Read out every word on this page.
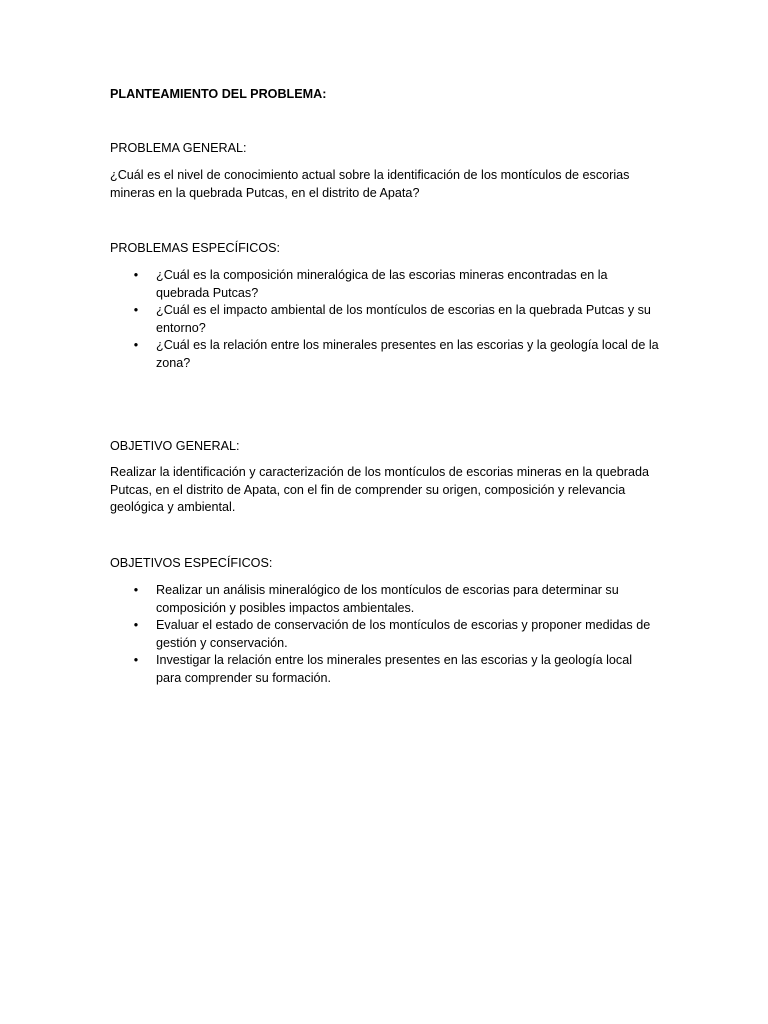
PLANTEAMIENTO DEL PROBLEMA:
PROBLEMA GENERAL:

¿Cuál es el nivel de conocimiento actual sobre la identificación de los montículos de escorias mineras en la quebrada Putcas, en el distrito de Apata?

PROBLEMAS ESPECÍFICOS:
• ¿Cuál es la composición mineralógica de las escorias mineras encontradas en la quebrada Putcas?
• ¿Cuál es el impacto ambiental de los montículos de escorias en la quebrada Putcas y su entorno?
• ¿Cuál es la relación entre los minerales presentes en las escorias y la geología local de la zona?
OBJETIVO GENERAL:

Realizar la identificación y caracterización de los montículos de escorias mineras en la quebrada Putcas, en el distrito de Apata, con el fin de comprender su origen, composición y relevancia geológica y ambiental.

OBJETIVOS ESPECÍFICOS:
• Realizar un análisis mineralógico de los montículos de escorias para determinar su composición y posibles impactos ambientales.
• Evaluar el estado de conservación de los montículos de escorias y proponer medidas de gestión y conservación.
• Investigar la relación entre los minerales presentes en las escorias y la geología local para comprender su formación.
